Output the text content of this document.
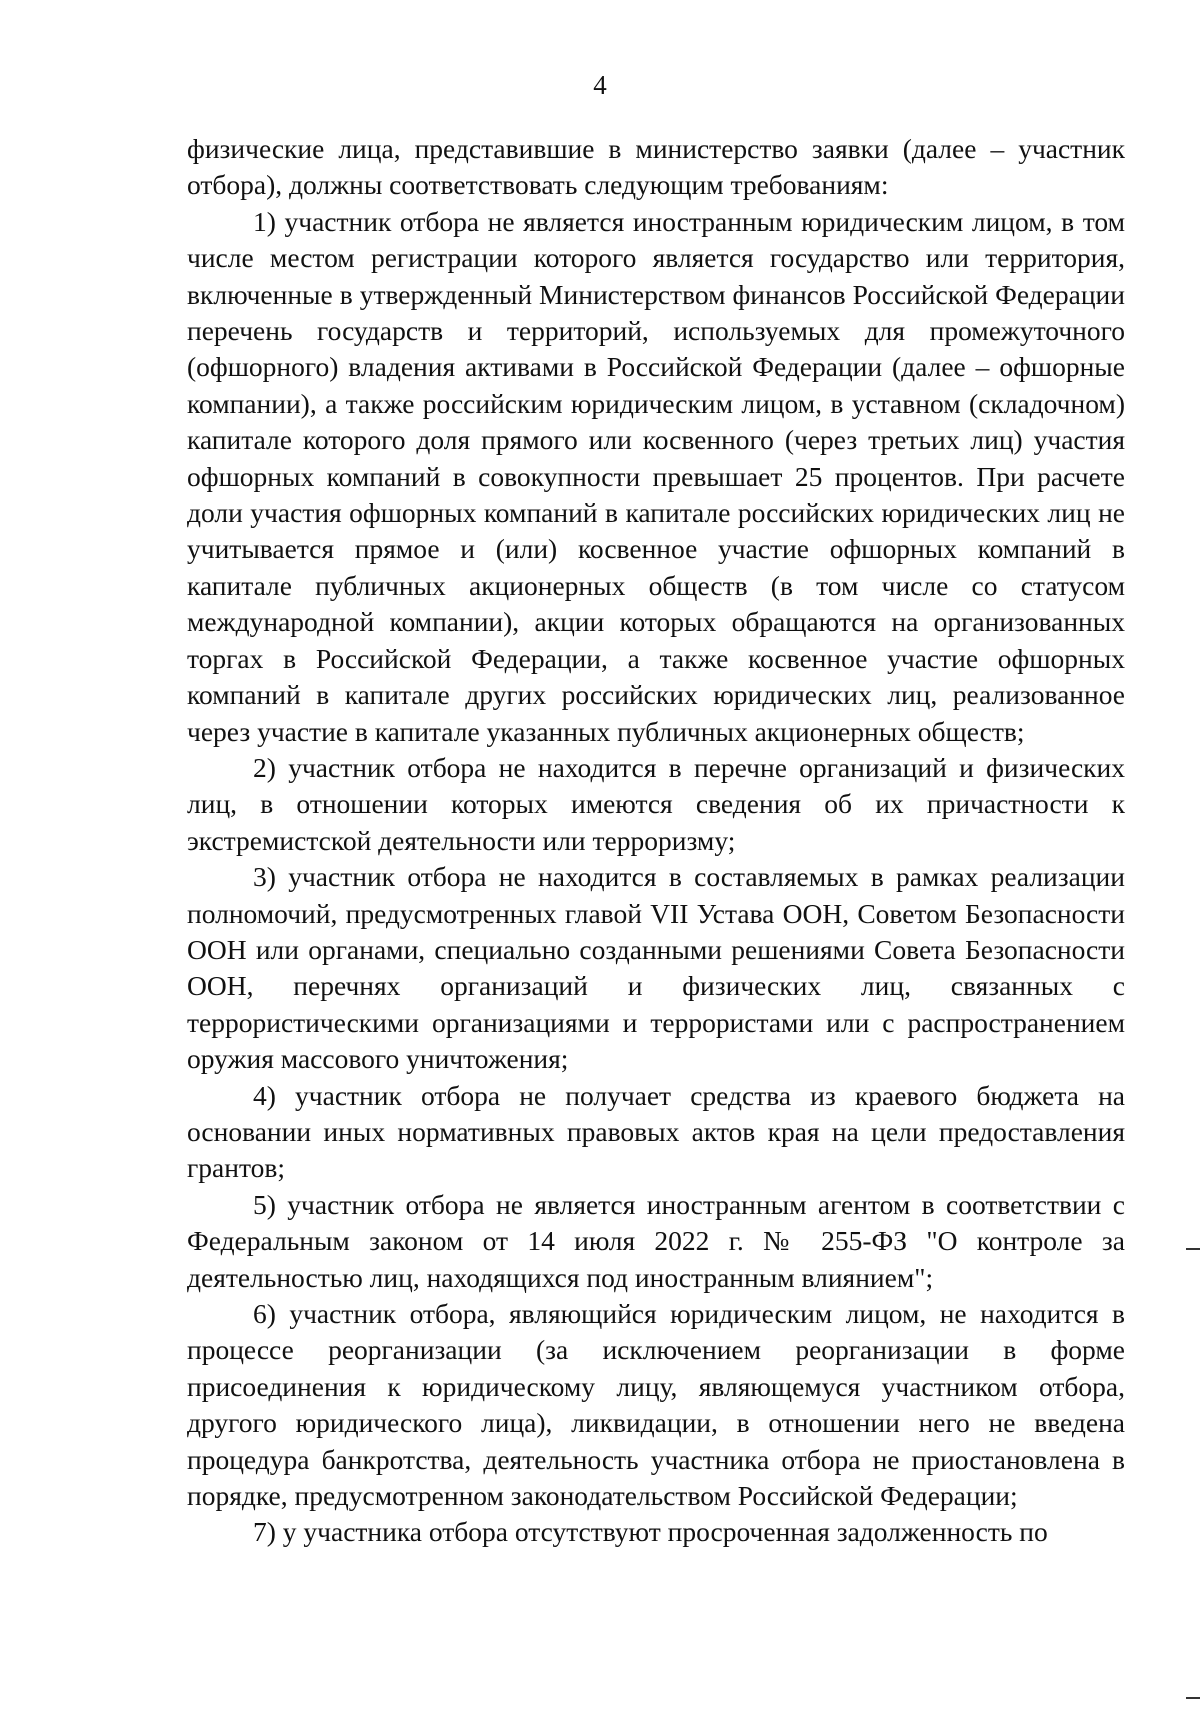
4

физические лица, представившие в министерство заявки (далее – участник отбора), должны соответствовать следующим требованиям:

1) участник отбора не является иностранным юридическим лицом, в том числе местом регистрации которого является государство или территория, включенные в утвержденный Министерством финансов Российской Федерации перечень государств и территорий, используемых для промежуточного (офшорного) владения активами в Российской Федерации (далее – офшорные компании), а также российским юридическим лицом, в уставном (складочном) капитале которого доля прямого или косвенного (через третьих лиц) участия офшорных компаний в совокупности превышает 25 процентов. При расчете доли участия офшорных компаний в капитале российских юридических лиц не учитывается прямое и (или) косвенное участие офшорных компаний в капитале публичных акционерных обществ (в том числе со статусом международной компании), акции которых обращаются на организованных торгах в Российской Федерации, а также косвенное участие офшорных компаний в капитале других российских юридических лиц, реализованное через участие в капитале указанных публичных акционерных обществ;

2) участник отбора не находится в перечне организаций и физических лиц, в отношении которых имеются сведения об их причастности к экстремистской деятельности или терроризму;

3) участник отбора не находится в составляемых в рамках реализации полномочий, предусмотренных главой VII Устава ООН, Советом Безопасности ООН или органами, специально созданными решениями Совета Безопасности ООН, перечнях организаций и физических лиц, связанных с террористическими организациями и террористами или с распространением оружия массового уничтожения;

4) участник отбора не получает средства из краевого бюджета на основании иных нормативных правовых актов края на цели предоставления грантов;

5) участник отбора не является иностранным агентом в соответствии с Федеральным законом от 14 июля 2022 г. № 255-ФЗ "О контроле за деятельностью лиц, находящихся под иностранным влиянием";

6) участник отбора, являющийся юридическим лицом, не находится в процессе реорганизации (за исключением реорганизации в форме присоединения к юридическому лицу, являющемуся участником отбора, другого юридического лица), ликвидации, в отношении него не введена процедура банкротства, деятельность участника отбора не приостановлена в порядке, предусмотренном законодательством Российской Федерации;

7) у участника отбора отсутствуют просроченная задолженность по
